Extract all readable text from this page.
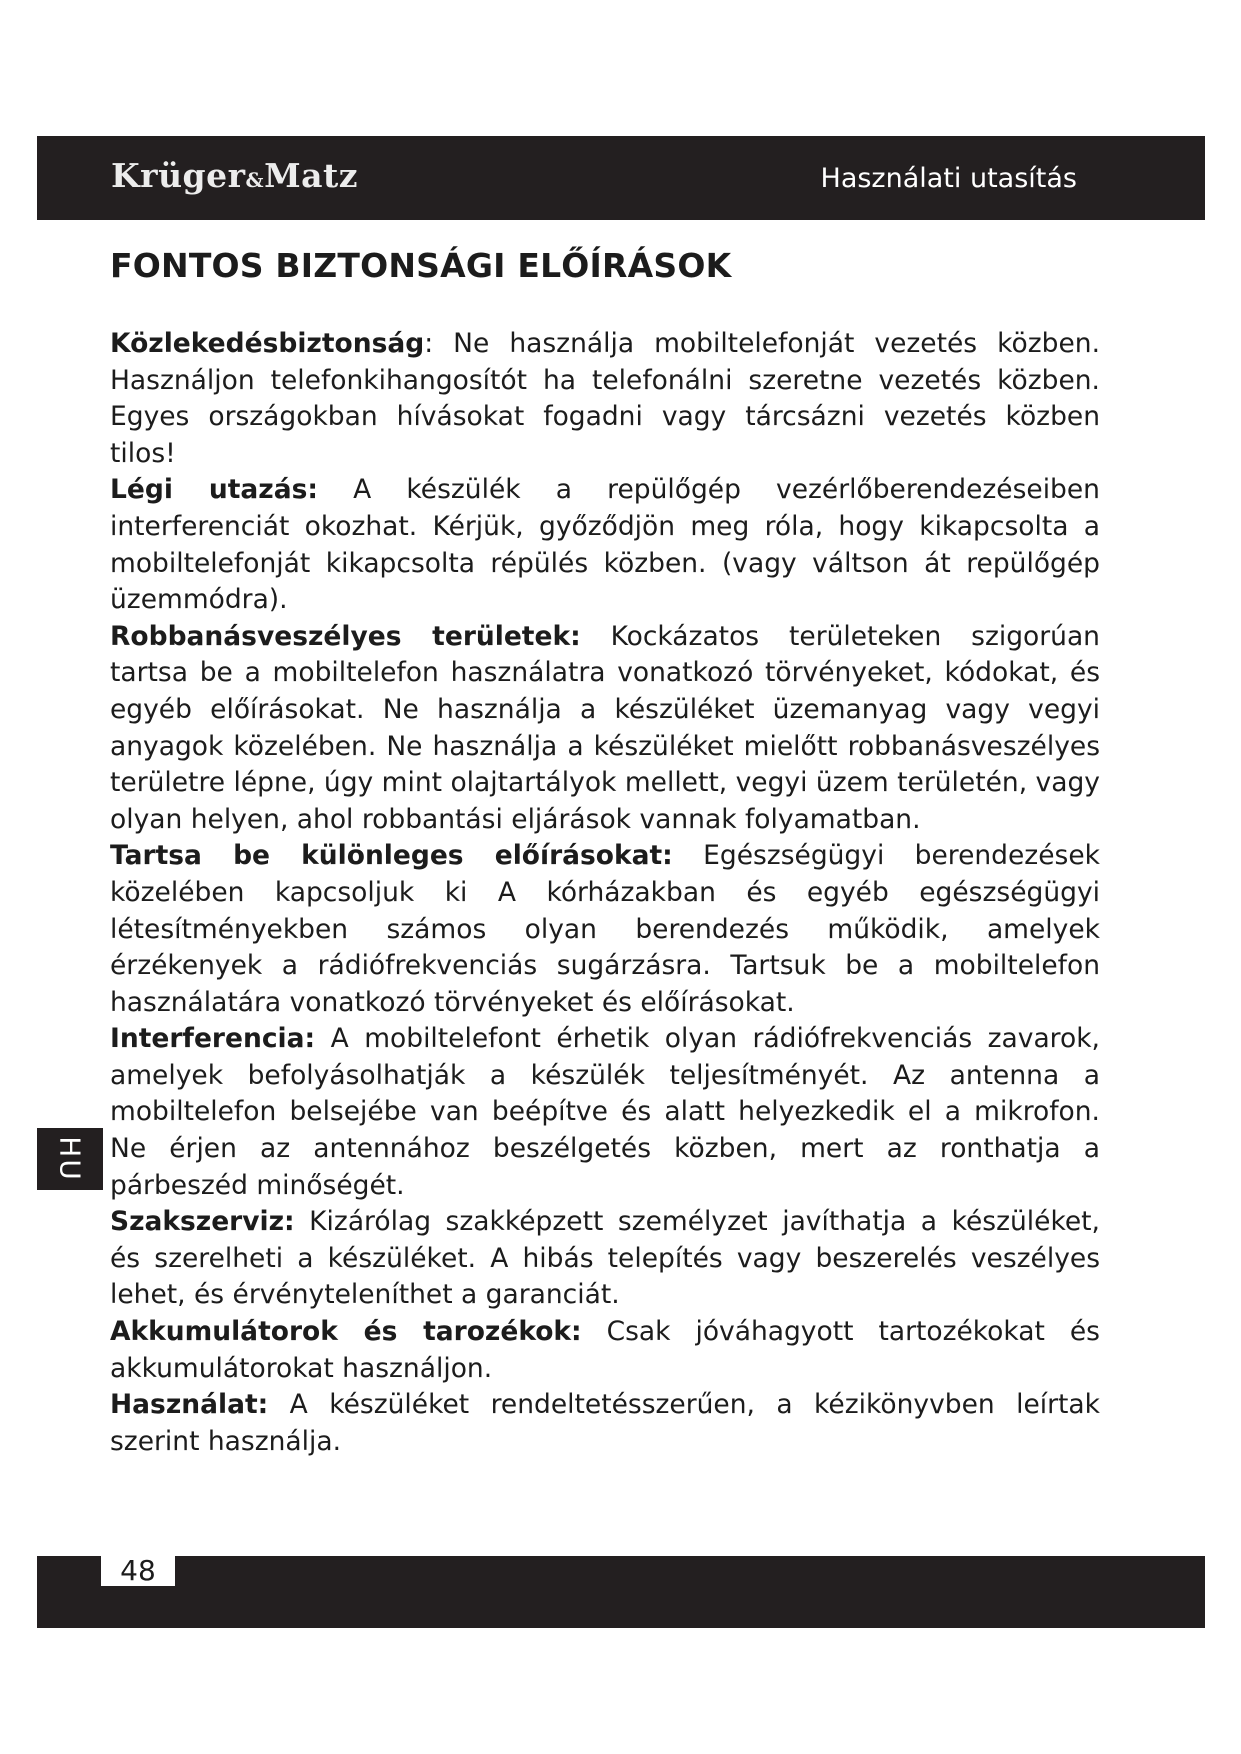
Krüger&Matz	Használati utasítás
FONTOS BIZTONSÁGI ELŐÍRÁSOK

Közlekedésbiztonság: Ne használja mobiltelefonját vezetés közben. Használjon telefonkihangosítót ha telefonálni szeretne vezetés közben. Egyes országokban hívásokat fogadni vagy tárcsázni vezetés közben tilos!

Légi utazás: A készülék a repülőgép vezérlőberendezéseiben interferenciát okozhat. Kérjük, győződjön meg róla, hogy kikapcsolta a mobiltelefonját kikapcsolta répülés közben. (vagy váltson át repülőgép üzemmódra).

Robbanásveszélyes területek: Kockázatos területeken szigorúan tartsa be a mobiltelefon használatra vonatkozó törvényeket, kódokat, és egyéb előírásokat. Ne használja a készüléket üzemanyag vagy vegyi anyagok közelében. Ne használja a készüléket mielőtt robbanásveszélyes területre lépne, úgy mint olajtartályok mellett, vegyi üzem területén, vagy olyan helyen, ahol robbantási eljárások vannak folyamatban.

Tartsa be különleges előírásokat: Egészségügyi berendezések közelében kapcsoljuk ki A kórházakban és egyéb egészségügyi létesítményekben számos olyan berendezés működik, amelyek érzékenyek a rádiófrekvenciás sugárzásra. Tartsuk be a mobiltelefon használatára vonatkozó törvényeket és előírásokat.

Interferencia: A mobiltelefont érhetik olyan rádiófrekvenciás zavarok, amelyek befolyásolhatják a készülék teljesítményét. Az antenna a mobiltelefon belsejébe van beépítve és alatt helyezkedik el a mikrofon. Ne érjen az antennához beszélgetés közben, mert az ronthatja a párbeszéd minőségét.

Szakszerviz: Kizárólag szakképzett személyzet javíthatja a készüléket, és szerelheti a készüléket. A hibás telepítés vagy beszerelés veszélyes lehet, és érvényteleníthet a garanciát.

Akkumulátorok és tarozékok: Csak jóváhagyott tartozékokat és akkumulátorokat használjon.

Használat: A készüléket rendeltetésszerűen, a kézikönyvben leírtak szerint használja.

HU
48
